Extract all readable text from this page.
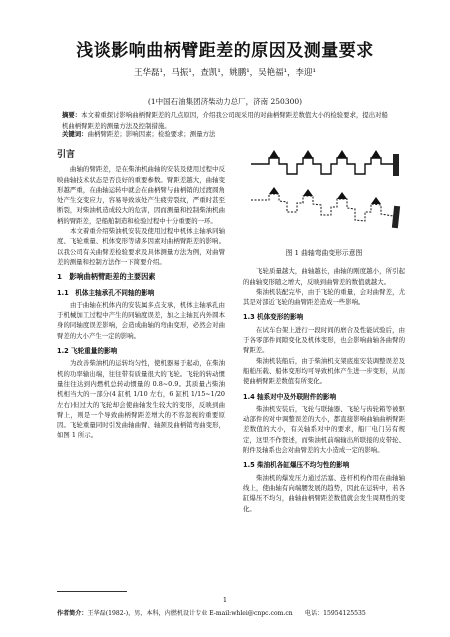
浅谈影响曲柄臂距差的原因及测量要求
王华磊¹，马振¹，查凯¹，姚鹏¹，吴艳福¹，李迎¹
(1中国石油集团济柴动力总厂，济南 250300)
摘要：本文着重探讨影响曲柄臂距差的几点原因，介绍我公司现采用的对曲柄臂距差数值大小的检验要求，提出对船机曲柄臂距差的测量方法及控制措施。
关键词：曲柄臂距差；影响因素；检验要求；测量方法
引言

曲轴的臂距差，是在柴油机曲轴的安装及使用过程中反映曲轴技术状态是否良好的重要参数。臂距差越大，曲轴变形越严重，在曲轴运转中就会在曲柄臂与曲柄销的过渡圆角处产生交变应力，容易导致该处产生疲劳裂纹，严重时甚至断裂，对柴油机造成较大的危害，因而测量和控制柴油机曲柄的臂距差，是船舶制造和检验过程中十分重要的一环。

本文着重介绍柴油机安装及使用过程中机体主轴承同轴度、飞轮重量、机体变形等诸多因素对曲柄臂距差的影响。以我公司有关曲臂差检验要求及具体测量方法为例，对曲臂差的测量和控制方法作一下简要介绍。

1　影响曲柄臂距差的主要因素
1.1　机体主轴承孔不同轴的影响

由于曲轴在机体内的安装属多点支承，机体主轴承孔由于机械加工过程中产生的同轴度误差，加之主轴瓦内外圆本身的同轴度误差影响，会造成曲轴的弯曲变形，必然会对曲臂差的大小产生一定的影响。

1.2 飞轮重量的影响

为改善柴油机的运转均匀性，使机器易于起动，在柴油机的功率输出端，往往带有质量很大的飞轮。飞轮的转动惯量往往达到内燃机总转动惯量的 0.8~0.9。其质量占柴油机相当大的一部分(4 缸机 1/10 左右，6 缸机 1/15~1/20 左右)但过大的飞轮却会使曲轴发生较大的变形，反映到曲臂上，则是一个导致曲柄臂距差增大的不容忽视的重要原因。飞轮重量同时引发曲轴曲臂、轴颈及曲柄销弯曲变形，如图 1 所示。

图 1 曲轴弯曲变形示意图

飞轮质量越大，曲轴越长，曲轴的刚度越小，所引起的曲轴变形随之增大，反映到曲臂差的数值就越大。

柴油机装配完毕，由于飞轮的重量，会对曲臂差，尤其是对部近飞轮的曲臂距差造成一些影响。

1.3 机体变形的影响

在试车台架上进行一段时间的磨合及性能试验后，由于各零部件间隙变化及机体变形，也会影响曲轴各曲臂的臂距差。

柴油机装船后，由于柴油机支架底座安装调整误差及船舶压载、船体变形均可导致机体产生进一步变形，从而使曲柄臂距差数值有所变化。

1.4 轴系对中及外联附件的影响

柴油机安装后，飞轮与联轴器、飞轮与齿轮箱等被驱动部件的对中调整误差的大小，都直接影响曲轴曲柄臂距差数值的大小，有关轴系对中的要求，船厂电门另有规定，这里不作赘述，而柴油机前端输出所联接的皮带轮、附件及轴系也会对曲臂差的大小造成一定的影响。

1.5 柴油机各缸爆压不均匀性的影响

柴油机的爆发压力通过活塞、连杆机构作用在曲轴轴线上，使曲轴有向端腰发展的趋势，因此在运转中，若各缸爆压不均匀，曲轴曲柄臂距差数值就会发生周期性的变化。

1
作者简介：王华磊(1982-)，男，本科，内燃机设计专业 E-mail:whlei@cnpc.com.cn　　电话：15954125535
